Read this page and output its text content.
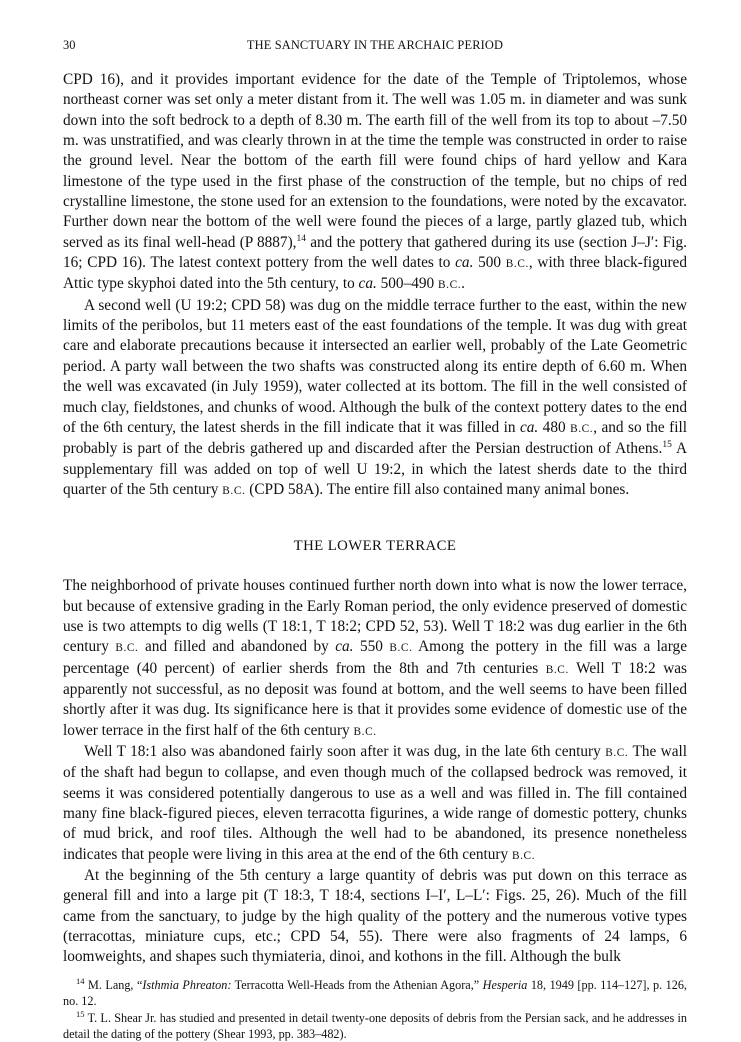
30	THE SANCTUARY IN THE ARCHAIC PERIOD

CPD 16), and it provides important evidence for the date of the Temple of Triptolemos, whose northeast corner was set only a meter distant from it. The well was 1.05 m. in diameter and was sunk down into the soft bedrock to a depth of 8.30 m. The earth fill of the well from its top to about –7.50 m. was unstratified, and was clearly thrown in at the time the temple was constructed in order to raise the ground level. Near the bottom of the earth fill were found chips of hard yellow and Kara limestone of the type used in the first phase of the construction of the temple, but no chips of red crystalline limestone, the stone used for an extension to the foundations, were noted by the excavator. Further down near the bottom of the well were found the pieces of a large, partly glazed tub, which served as its final well-head (P 8887),$^{14}$ and the pottery that gathered during its use (section J–J′: Fig. 16; CPD 16). The latest context pottery from the well dates to ca. 500 B.C., with three black-figured Attic type skyphoi dated into the 5th century, to ca. 500–490 B.C..

A second well (U 19:2; CPD 58) was dug on the middle terrace further to the east, within the new limits of the peribolos, but 11 meters east of the east foundations of the temple. It was dug with great care and elaborate precautions because it intersected an earlier well, probably of the Late Geometric period. A party wall between the two shafts was constructed along its entire depth of 6.60 m. When the well was excavated (in July 1959), water collected at its bottom. The fill in the well consisted of much clay, fieldstones, and chunks of wood. Although the bulk of the context pottery dates to the end of the 6th century, the latest sherds in the fill indicate that it was filled in ca. 480 B.C., and so the fill probably is part of the debris gathered up and discarded after the Persian destruction of Athens.$^{15}$ A supplementary fill was added on top of well U 19:2, in which the latest sherds date to the third quarter of the 5th century B.C. (CPD 58A). The entire fill also contained many animal bones.

THE LOWER TERRACE

The neighborhood of private houses continued further north down into what is now the lower terrace, but because of extensive grading in the Early Roman period, the only evidence preserved of domestic use is two attempts to dig wells (T 18:1, T 18:2; CPD 52, 53). Well T 18:2 was dug earlier in the 6th century B.C. and filled and abandoned by ca. 550 B.C. Among the pottery in the fill was a large percentage (40 percent) of earlier sherds from the 8th and 7th centuries B.C. Well T 18:2 was apparently not successful, as no deposit was found at bottom, and the well seems to have been filled shortly after it was dug. Its significance here is that it provides some evidence of domestic use of the lower terrace in the first half of the 6th century B.C.

Well T 18:1 also was abandoned fairly soon after it was dug, in the late 6th century B.C. The wall of the shaft had begun to collapse, and even though much of the collapsed bedrock was removed, it seems it was considered potentially dangerous to use as a well and was filled in. The fill contained many fine black-figured pieces, eleven terracotta figurines, a wide range of domestic pottery, chunks of mud brick, and roof tiles. Although the well had to be abandoned, its presence nonetheless indicates that people were living in this area at the end of the 6th century B.C.

At the beginning of the 5th century a large quantity of debris was put down on this terrace as general fill and into a large pit (T 18:3, T 18:4, sections I–I′, L–L′: Figs. 25, 26). Much of the fill came from the sanctuary, to judge by the high quality of the pottery and the numerous votive types (terracottas, miniature cups, etc.; CPD 54, 55). There were also fragments of 24 lamps, 6 loomweights, and shapes such thymiateria, dinoi, and kothons in the fill. Although the bulk

$^{14}$ M. Lang, “Isthmia Phreaton: Terracotta Well-Heads from the Athenian Agora,” Hesperia 18, 1949 [pp. 114–127], p. 126, no. 12.

$^{15}$ T. L. Shear Jr. has studied and presented in detail twenty-one deposits of debris from the Persian sack, and he addresses in detail the dating of the pottery (Shear 1993, pp. 383–482).
